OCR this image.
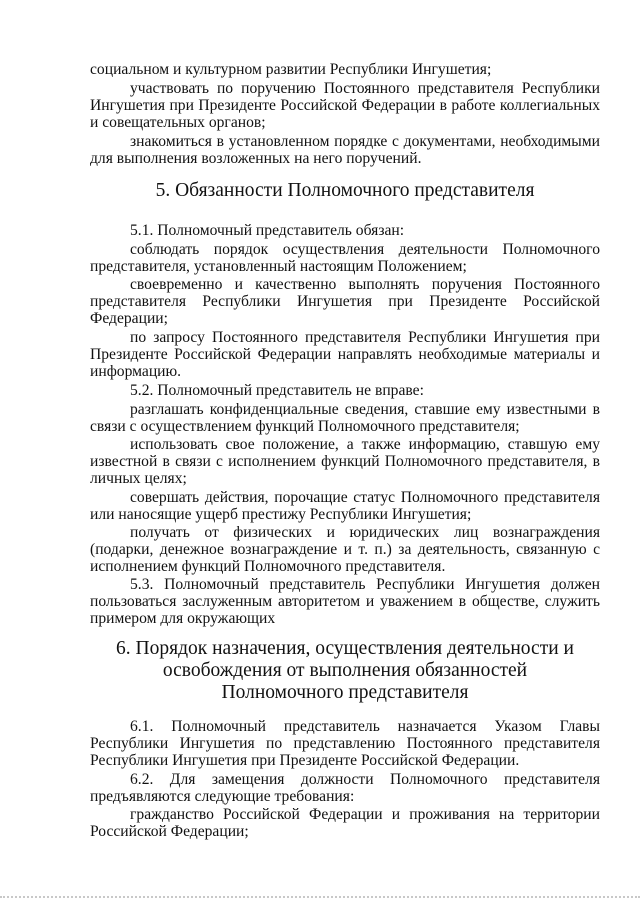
социальном и культурном развитии Республики Ингушетия;
участвовать по поручению Постоянного представителя Республики Ингушетия при Президенте Российской Федерации в работе коллегиальных и совещательных органов;
знакомиться в установленном порядке с документами, необходимыми для выполнения возложенных на него поручений.
5. Обязанности Полномочного представителя
5.1. Полномочный представитель обязан:
соблюдать порядок осуществления деятельности Полномочного представителя, установленный настоящим Положением;
своевременно и качественно выполнять поручения Постоянного представителя Республики Ингушетия при Президенте Российской Федерации;
по запросу Постоянного представителя Республики Ингушетия при Президенте Российской Федерации направлять необходимые материалы и информацию.
5.2. Полномочный представитель не вправе:
разглашать конфиденциальные сведения, ставшие ему известными в связи с осуществлением функций Полномочного представителя;
использовать свое положение, а также информацию, ставшую ему известной в связи с исполнением функций Полномочного представителя, в личных целях;
совершать действия, порочащие статус Полномочного представителя или наносящие ущерб престижу Республики Ингушетия;
получать от физических и юридических лиц вознаграждения (подарки, денежное вознаграждение и т. п.) за деятельность, связанную с исполнением функций Полномочного представителя.
5.3. Полномочный представитель Республики Ингушетия должен пользоваться заслуженным авторитетом и уважением в обществе, служить примером для окружающих
6. Порядок назначения, осуществления деятельности и освобождения от выполнения обязанностей Полномочного представителя
6.1. Полномочный представитель назначается Указом Главы Республики Ингушетия по представлению Постоянного представителя Республики Ингушетия при Президенте Российской Федерации.
6.2. Для замещения должности Полномочного представителя предъявляются следующие требования:
гражданство Российской Федерации и проживания на территории Российской Федерации;
